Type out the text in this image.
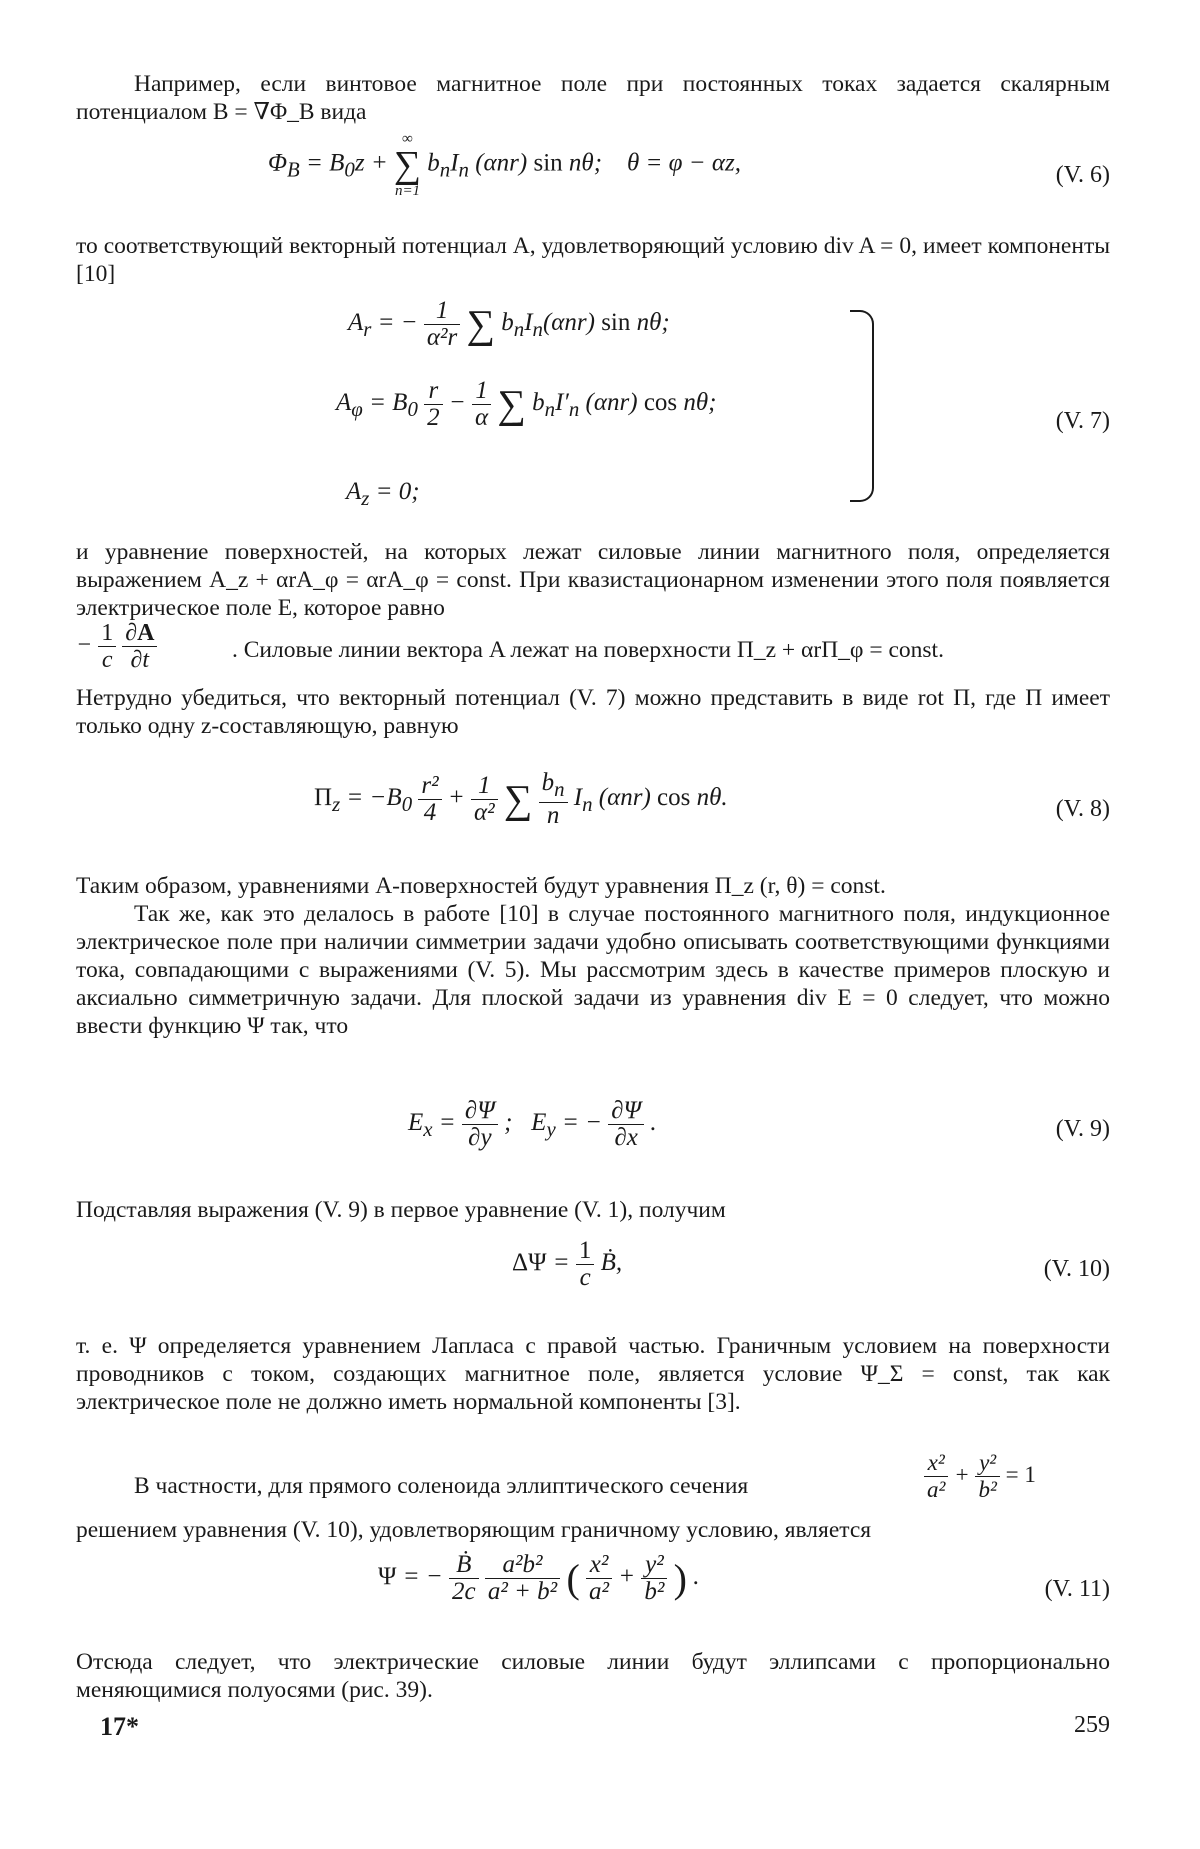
Например, если винтовое магнитное поле при постоянных токах задается скалярным потенциалом B = ∇Φ_B вида

$\Phi_B = B_0z$ +
∞
∑
n=1
$b_nI_n$ (αnr) sin nθ;    θ = φ − αz,	(V. 6)

то соответствующий векторный потенциал A, удовлетворяющий условию div A = 0, имеет компоненты [10]

$A_r$ = − $\frac{1}{\text{α²r}}$ ∑ $b_nI_n(\alpha nr)$ sin nθ;
$A_\varphi = B_0 \frac{r}{2} - \frac{1}{\alpha}$ ∑ $b_nI'_n$ (αnr) cos nθ;
$A_z = 0$;
(V. 7)

и уравнение поверхностей, на которых лежат силовые линии магнитного поля, определяется выражением A_z + αrA_φ = αrA_φ = const. При квазистационарном изменении этого поля появляется электрическое поле E, которое равно

− $\frac{1}{c}$
$\frac{\partial A}{\partial t}$	. Силовые линии вектора A лежат на поверхности Π_z + αrΠ_φ = const.

Нетрудно убедиться, что векторный потенциал (V. 7) можно представить в виде rot Π, где Π имеет только одну z-составляющую, равную

$\Pi_z = -B_0 \frac{\text{r²}}{4} + \frac{1}{\text{α²}}$ ∑ $\frac{b_n}{n} I_n$ (αnr) cos nθ.	(V. 8)

Таким образом, уравнениями A-поверхностей будут уравнения Π_z (r, θ) = const.

Так же, как это делалось в работе [10] в случае постоянного магнитного поля, индукционное электрическое поле при наличии симметрии задачи удобно описывать соответствующими функциями тока, совпадающими с выражениями (V. 5). Мы рассмотрим здесь в качестве примеров плоскую и аксиально симметричную задачи. Для плоской задачи из уравнения div E = 0 следует, что можно ввести функцию Ψ так, что

$E_x = \frac{\partial\Psi}{\partial y}$ ;   $E_y$ = − $\frac{\partial\Psi}{\partial x}$ .	(V. 9)

Подставляя выражения (V. 9) в первое уравнение (V. 1), получим

$\Delta\Psi = \frac{1}{c}$ Ḃ,	(V. 10)

т. е. Ψ определяется уравнением Лапласа с правой частью. Граничным условием на поверхности проводников с током, создающих магнитное поле, является условие Ψ_Σ = const, так как электрическое поле не должно иметь нормальной компоненты [3].

В частности, для прямого соленоида эллиптического сечения	$\frac{\text{x²}}{\text{a²}} + \frac{\text{y²}}{\text{b²}} = 1$

решением уравнения (V. 10), удовлетворяющим граничному условию, является

Ψ = − $\frac{\text{Ḃ}}{2c}$
$\frac{\text{a²b²}}{\text{a² + b²}}$ ( $\frac{\text{x²}}{\text{a²}} + \frac{\text{y²}}{\text{b²}}$ ) .	(V. 11)

Отсюда следует, что электрические силовые линии будут эллипсами с пропорционально меняющимися полуосями (рис. 39).

17*	259
